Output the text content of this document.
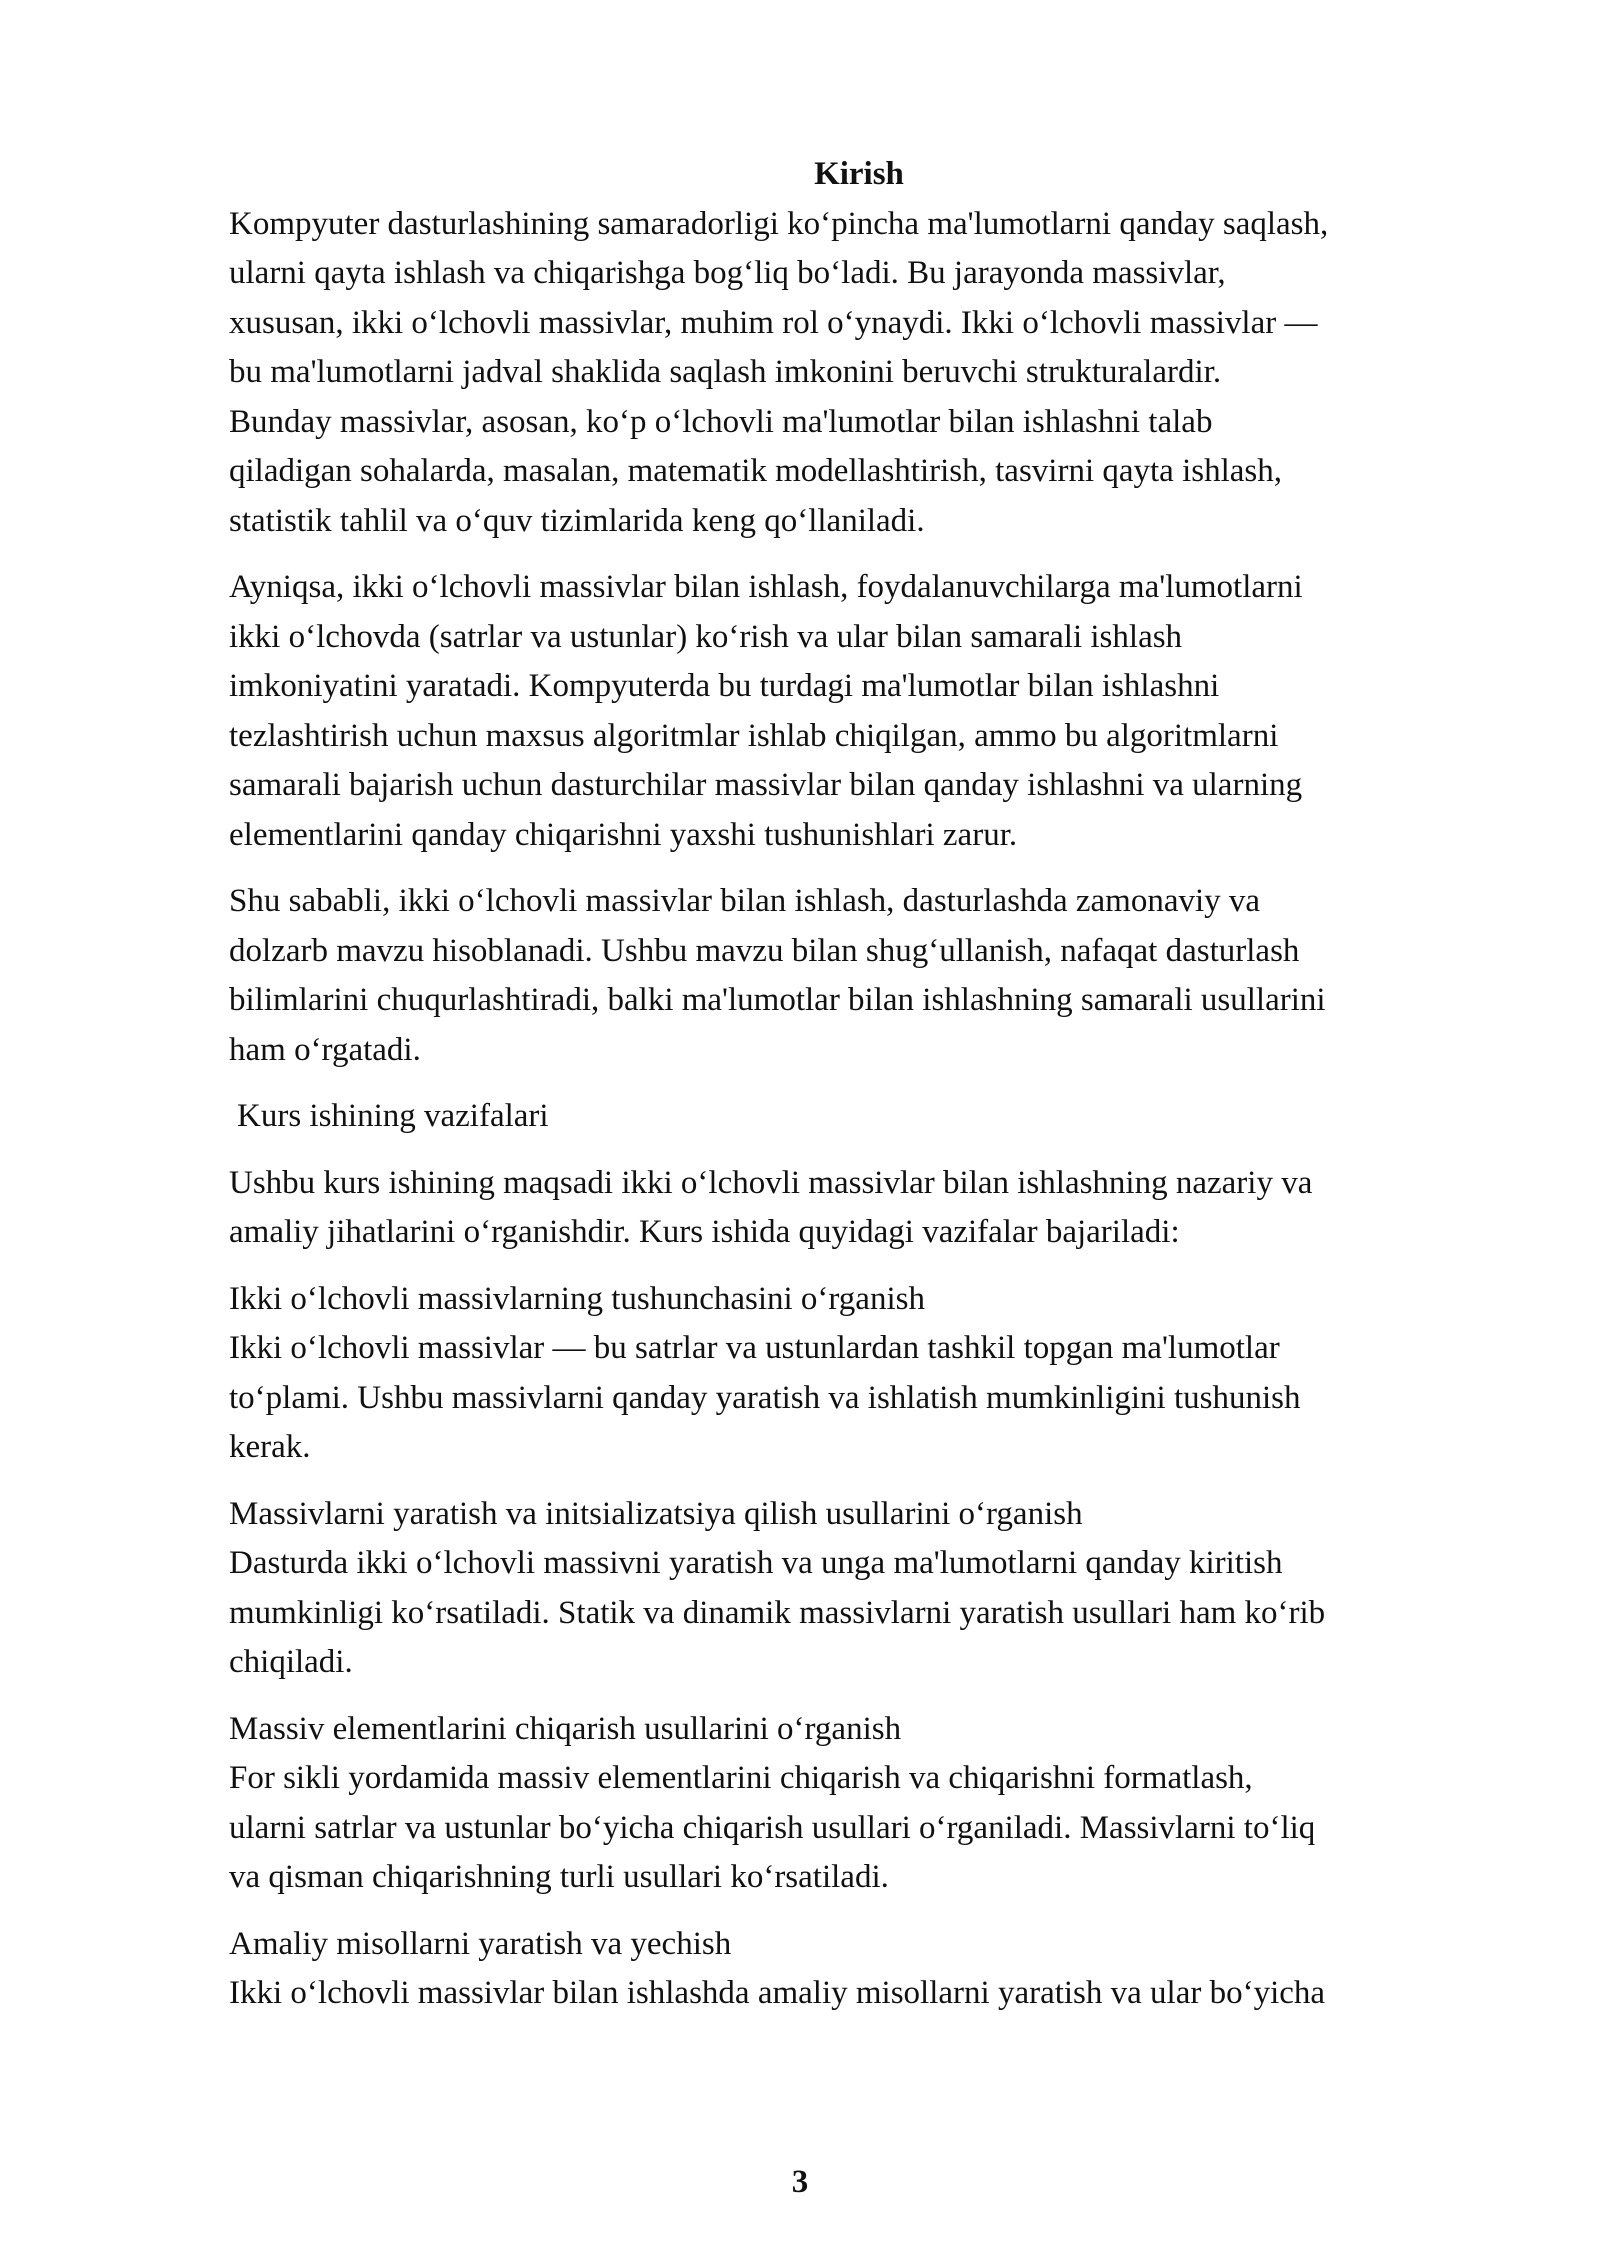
Kirish

Kompyuter dasturlashining samaradorligi koʻpincha ma'lumotlarni qanday saqlash,
ularni qayta ishlash va chiqarishga bogʻliq boʻladi. Bu jarayonda massivlar,
xususan, ikki oʻlchovli massivlar, muhim rol oʻynaydi. Ikki oʻlchovli massivlar —
bu ma'lumotlarni jadval shaklida saqlash imkonini beruvchi strukturalardir.
Bunday massivlar, asosan, koʻp oʻlchovli ma'lumotlar bilan ishlashni talab
qiladigan sohalarda, masalan, matematik modellashtirish, tasvirni qayta ishlash,
statistik tahlil va oʻquv tizimlarida keng qoʻllaniladi.

Ayniqsa, ikki oʻlchovli massivlar bilan ishlash, foydalanuvchilarga ma'lumotlarni
ikki oʻlchovda (satrlar va ustunlar) koʻrish va ular bilan samarali ishlash
imkoniyatini yaratadi. Kompyuterda bu turdagi ma'lumotlar bilan ishlashni
tezlashtirish uchun maxsus algoritmlar ishlab chiqilgan, ammo bu algoritmlarni
samarali bajarish uchun dasturchilar massivlar bilan qanday ishlashni va ularning
elementlarini qanday chiqarishni yaxshi tushunishlari zarur.

Shu sababli, ikki oʻlchovli massivlar bilan ishlash, dasturlashda zamonaviy va
dolzarb mavzu hisoblanadi. Ushbu mavzu bilan shugʻullanish, nafaqat dasturlash
bilimlarini chuqurlashtiradi, balki ma'lumotlar bilan ishlashning samarali usullarini
ham oʻrgatadi.

Kurs ishining vazifalari

Ushbu kurs ishining maqsadi ikki oʻlchovli massivlar bilan ishlashning nazariy va
amaliy jihatlarini oʻrganishdir. Kurs ishida quyidagi vazifalar bajariladi:

Ikki oʻlchovli massivlarning tushunchasini oʻrganish
Ikki oʻlchovli massivlar — bu satrlar va ustunlardan tashkil topgan ma'lumotlar
toʻplami. Ushbu massivlarni qanday yaratish va ishlatish mumkinligini tushunish
kerak.

Massivlarni yaratish va initsializatsiya qilish usullarini oʻrganish
Dasturda ikki oʻlchovli massivni yaratish va unga ma'lumotlarni qanday kiritish
mumkinligi koʻrsatiladi. Statik va dinamik massivlarni yaratish usullari ham koʻrib
chiqiladi.

Massiv elementlarini chiqarish usullarini oʻrganish
For sikli yordamida massiv elementlarini chiqarish va chiqarishni formatlash,
ularni satrlar va ustunlar boʻyicha chiqarish usullari oʻrganiladi. Massivlarni toʻliq
va qisman chiqarishning turli usullari koʻrsatiladi.

Amaliy misollarni yaratish va yechish
Ikki oʻlchovli massivlar bilan ishlashda amaliy misollarni yaratish va ular boʻyicha

3
